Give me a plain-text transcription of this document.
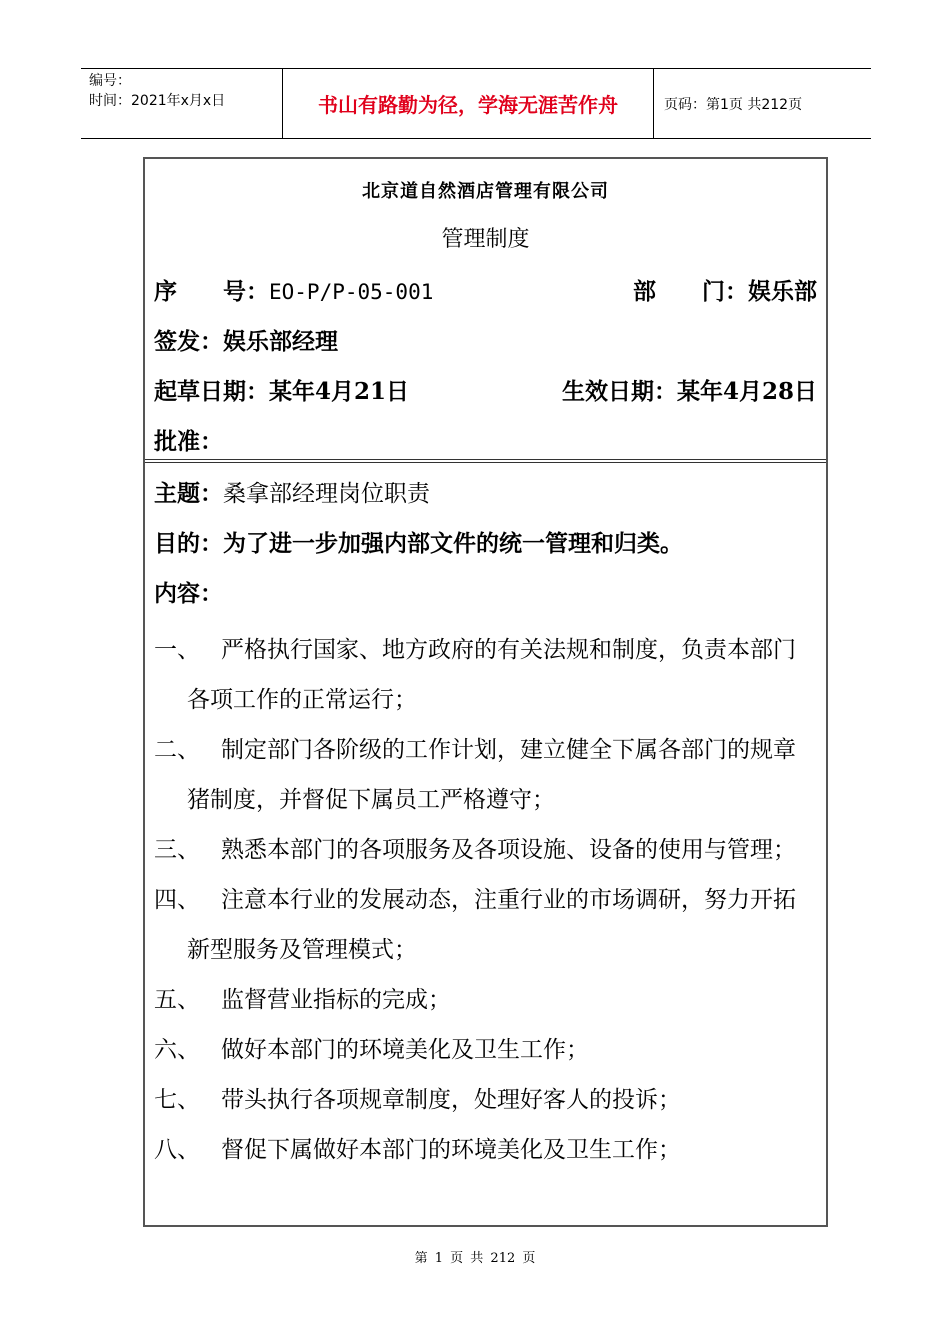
编号：
时间：2021年x月x日	书山有路勤为径，学海无涯苦作舟	页码：第1页 共212页
北京道自然酒店管理有限公司
管理制度
序　　号：EO-P/P-05-001	部　　门：娱乐部
签发：娱乐部经理
起草日期：某年4月21日	生效日期：某年4月28日
批准：
主题：桑拿部经理岗位职责
目的：为了进一步加强内部文件的统一管理和归类。
内容：
一、 严格执行国家、地方政府的有关法规和制度，负责本部门各项工作的正常运行；
二、 制定部门各阶级的工作计划，建立健全下属各部门的规章猪制度，并督促下属员工严格遵守；
三、 熟悉本部门的各项服务及各项设施、设备的使用与管理；
四、 注意本行业的发展动态，注重行业的市场调研，努力开拓新型服务及管理模式；
五、 监督营业指标的完成；
六、 做好本部门的环境美化及卫生工作；
七、 带头执行各项规章制度，处理好客人的投诉；
八、 督促下属做好本部门的环境美化及卫生工作；
第 1 页 共 212 页
